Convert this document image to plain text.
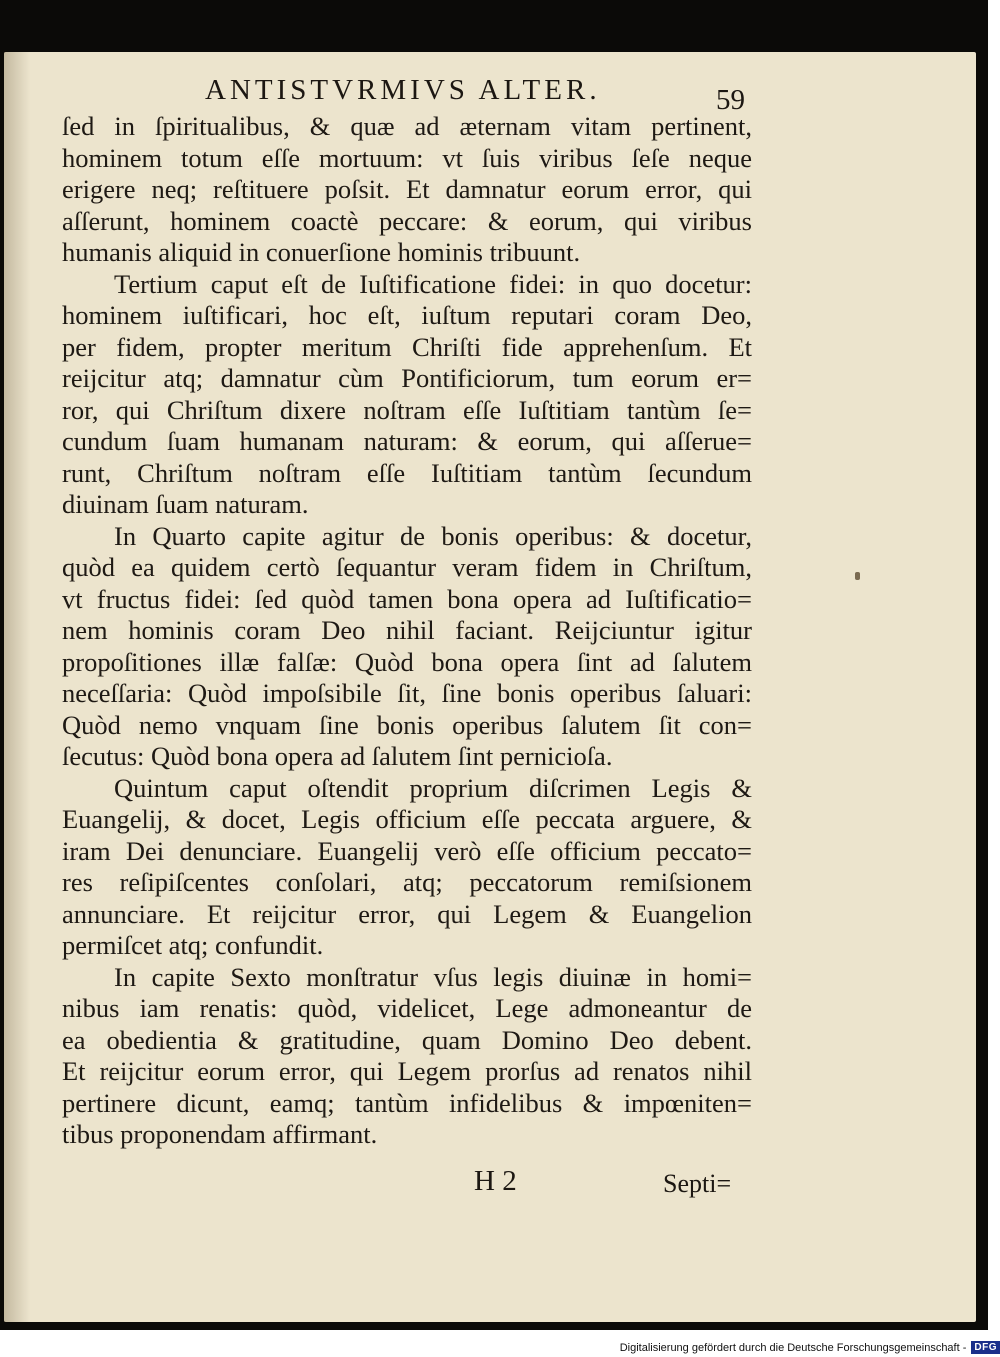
ANTISTVRMIVS ALTER.	59
ſed in ſpiritualibus, & quæ ad æternam vitam pertinent,
hominem totum eſſe mortuum: vt ſuis viribus ſeſe neque
erigere neq; reſtituere poſsit. Et damnatur eorum error, qui
aſſerunt, hominem coactè peccare: & eorum, qui viribus
humanis aliquid in conuerſione hominis tribuunt.
Tertium caput eſt de Iuſtificatione fidei: in quo docetur:
hominem iuſtificari, hoc eſt, iuſtum reputari coram Deo,
per fidem, propter meritum Chriſti fide apprehenſum. Et
reijcitur atq; damnatur cùm Pontificiorum, tum eorum er=
ror, qui Chriſtum dixere noſtram eſſe Iuſtitiam tantùm ſe=
cundum ſuam humanam naturam: & eorum, qui aſſerue=
runt, Chriſtum noſtram eſſe Iuſtitiam tantùm ſecundum
diuinam ſuam naturam.
In Quarto capite agitur de bonis operibus: & docetur,
quòd ea quidem certò ſequantur veram fidem in Chriſtum,
vt fructus fidei: ſed quòd tamen bona opera ad Iuſtificatio=
nem hominis coram Deo nihil faciant. Reijciuntur igitur
propoſitiones illæ falſæ: Quòd bona opera ſint ad ſalutem
neceſſaria: Quòd impoſsibile ſit, ſine bonis operibus ſaluari:
Quòd nemo vnquam ſine bonis operibus ſalutem ſit con=
ſecutus: Quòd bona opera ad ſalutem ſint pernicioſa.
Quintum caput oſtendit proprium diſcrimen Legis &
Euangelij, & docet, Legis officium eſſe peccata arguere, &
iram Dei denunciare. Euangelij verò eſſe officium peccato=
res reſipiſcentes conſolari, atq; peccatorum remiſsionem
annunciare. Et reijcitur error, qui Legem & Euangelion
permiſcet atq; confundit.
In capite Sexto monſtratur vſus legis diuinæ in homi=
nibus iam renatis: quòd, videlicet, Lege admoneantur de
ea obedientia & gratitudine, quam Domino Deo debent.
Et reijcitur eorum error, qui Legem prorſus ad renatos nihil
pertinere dicunt, eamq; tantùm infidelibus & impœniten=
tibus proponendam affirmant.
H 2	Septi=
Digitalisierung gefördert durch die Deutsche Forschungsgemeinschaft - DFG
